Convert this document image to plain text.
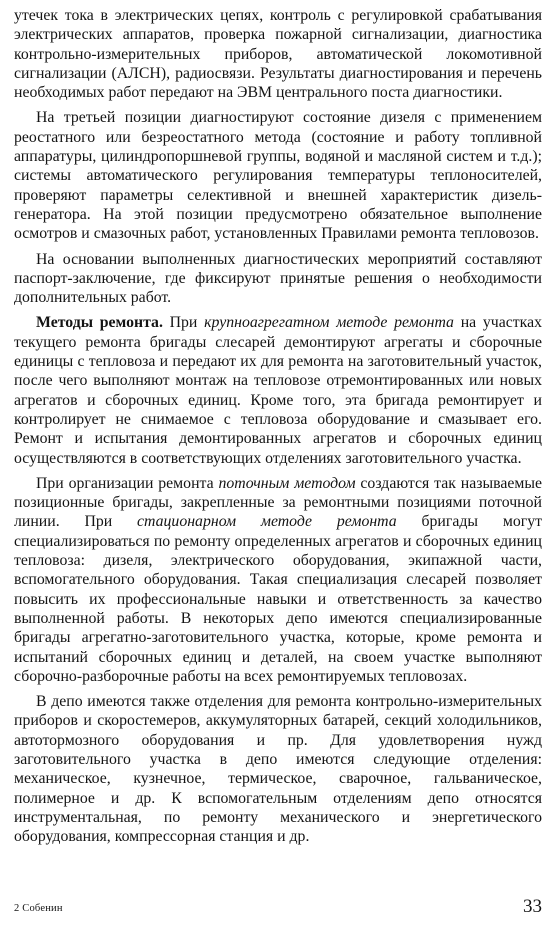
утечек тока в электрических цепях, контроль с регулировкой срабатывания электрических аппаратов, проверка пожарной сигнализации, диагностика контрольно-измерительных приборов, автоматической локомотивной сигнализации (АЛСН), радиосвязи. Результаты диагностирования и перечень необходимых работ передают на ЭВМ центрального поста диагностики.

На третьей позиции диагностируют состояние дизеля с применением реостатного или безреостатного метода (состояние и работу топливной аппаратуры, цилиндропоршневой группы, водяной и масляной систем и т.д.); системы автоматического регулирования температуры теплоносителей, проверяют параметры селективной и внешней характеристик дизель-генератора. На этой позиции предусмотрено обязательное выполнение осмотров и смазочных работ, установленных Правилами ремонта тепловозов.

На основании выполненных диагностических мероприятий составляют паспорт-заключение, где фиксируют принятые решения о необходимости дополнительных работ.

Методы ремонта. При крупноагрегатном методе ремонта на участках текущего ремонта бригады слесарей демонтируют агрегаты и сборочные единицы с тепловоза и передают их для ремонта на заготовительный участок, после чего выполняют монтаж на тепловозе отремонтированных или новых агрегатов и сборочных единиц. Кроме того, эта бригада ремонтирует и контролирует не снимаемое с тепловоза оборудование и смазывает его. Ремонт и испытания демонтированных агрегатов и сборочных единиц осуществляются в соответствующих отделениях заготовительного участка.

При организации ремонта поточным методом создаются так называемые позиционные бригады, закрепленные за ремонтными позициями поточной линии. При стационарном методе ремонта бригады могут специализироваться по ремонту определенных агрегатов и сборочных единиц тепловоза: дизеля, электрического оборудования, экипажной части, вспомогательного оборудования. Такая специализация слесарей позволяет повысить их профессиональные навыки и ответственность за качество выполненной работы. В некоторых депо имеются специализированные бригады агрегатно-заготовительного участка, которые, кроме ремонта и испытаний сборочных единиц и деталей, на своем участке выполняют сборочно-разборочные работы на всех ремонтируемых тепловозах.

В депо имеются также отделения для ремонта контрольно-измерительных приборов и скоростемеров, аккумуляторных батарей, секций холодильников, автотормозного оборудования и пр. Для удовлетворения нужд заготовительного участка в депо имеются следующие отделения: механическое, кузнечное, термическое, сварочное, гальваническое, полимерное и др. К вспомогательным отделениям депо относятся инструментальная, по ремонту механического и энергетического оборудования, компрессорная станция и др.

2 Собенин	33
